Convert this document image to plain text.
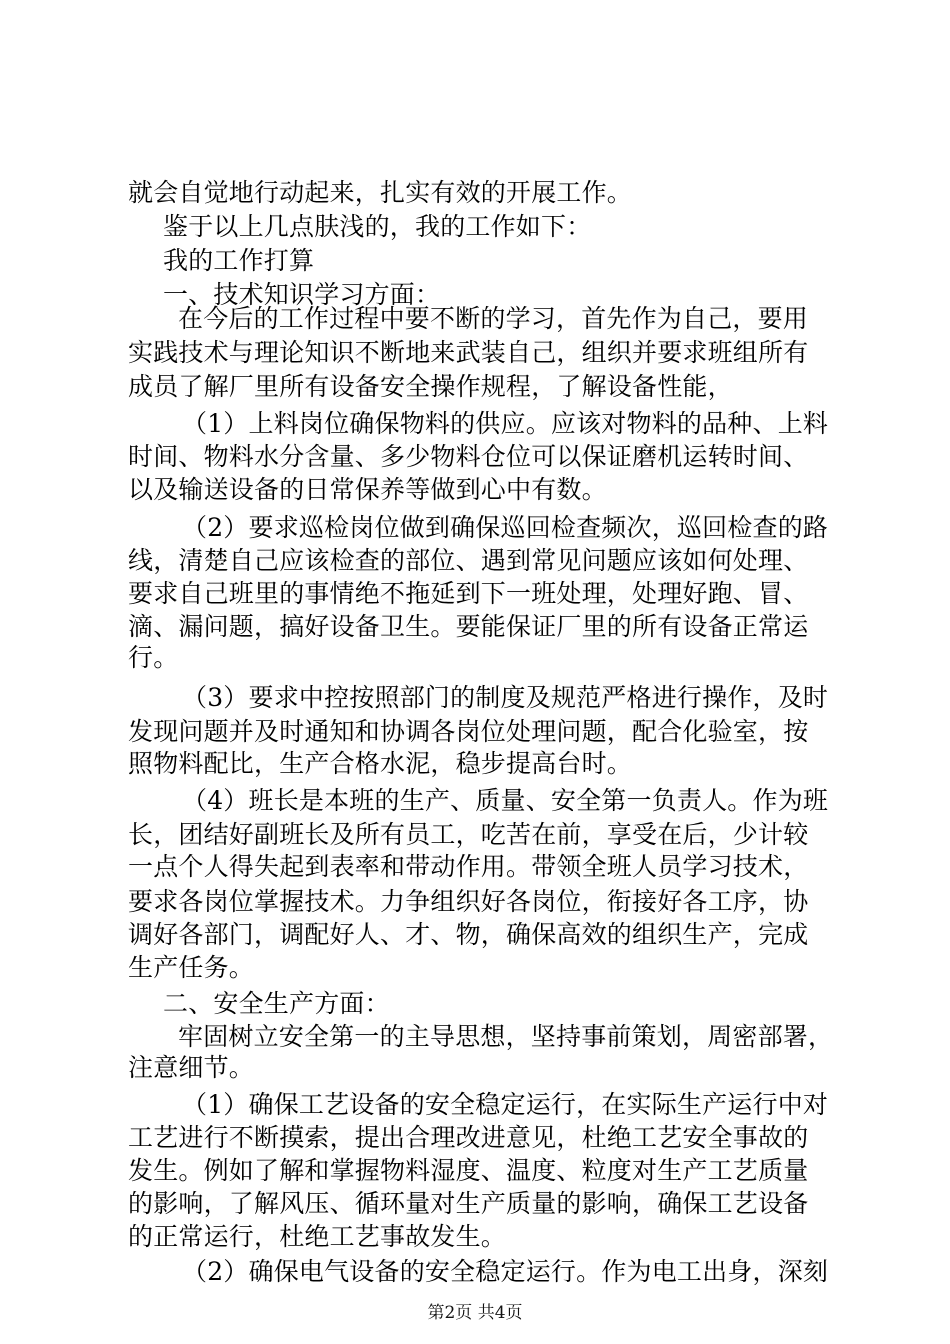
就会自觉地行动起来，扎实有效的开展工作。
鉴于以上几点肤浅的，我的工作如下：
我的工作打算
一、技术知识学习方面：
在今后的工作过程中要不断的学习，首先作为自己，要用
实践技术与理论知识不断地来武装自己，组织并要求班组所有
成员了解厂里所有设备安全操作规程，了解设备性能，
（1）上料岗位确保物料的供应。应该对物料的品种、上料
时间、物料水分含量、多少物料仓位可以保证磨机运转时间、
以及输送设备的日常保养等做到心中有数。
（2）要求巡检岗位做到确保巡回检查频次，巡回检查的路
线，清楚自己应该检查的部位、遇到常见问题应该如何处理、
要求自己班里的事情绝不拖延到下一班处理，处理好跑、冒、
滴、漏问题，搞好设备卫生。要能保证厂里的所有设备正常运
行。
（3）要求中控按照部门的制度及规范严格进行操作，及时
发现问题并及时通知和协调各岗位处理问题，配合化验室，按
照物料配比，生产合格水泥，稳步提高台时。
（4）班长是本班的生产、质量、安全第一负责人。作为班
长，团结好副班长及所有员工，吃苦在前，享受在后，少计较
一点个人得失起到表率和带动作用。带领全班人员学习技术，
要求各岗位掌握技术。力争组织好各岗位，衔接好各工序，协
调好各部门，调配好人、才、物，确保高效的组织生产，完成
生产任务。
二、安全生产方面：
牢固树立安全第一的主导思想，坚持事前策划，周密部署，
注意细节。
（1）确保工艺设备的安全稳定运行，在实际生产运行中对
工艺进行不断摸索，提出合理改进意见，杜绝工艺安全事故的
发生。例如了解和掌握物料湿度、温度、粒度对生产工艺质量
的影响，了解风压、循环量对生产质量的影响，确保工艺设备
的正常运行，杜绝工艺事故发生。
（2）确保电气设备的安全稳定运行。作为电工出身，深刻
第2页 共4页
